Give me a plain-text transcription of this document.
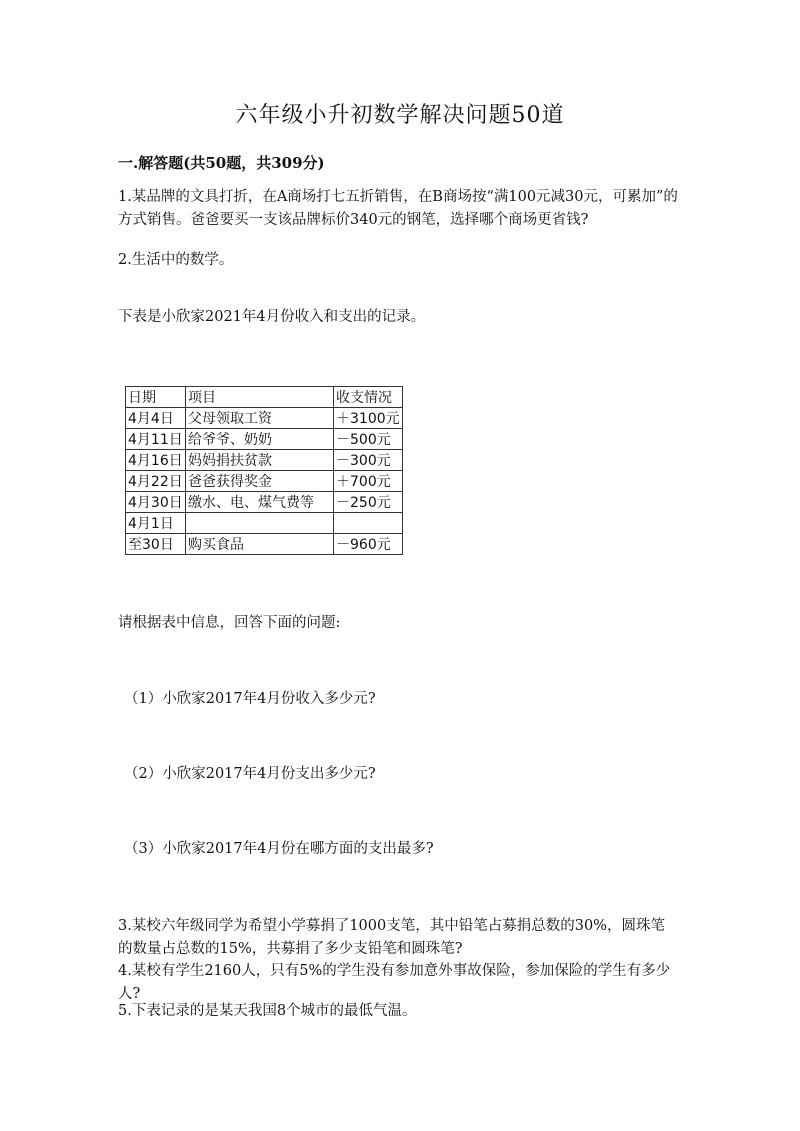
六年级小升初数学解决问题50道
一.解答题(共50题，共309分)
1.某品牌的文具打折，在A商场打七五折销售，在B商场按“满100元减30元，可累加”的方式销售。爸爸要买一支该品牌标价340元的钢笔，选择哪个商场更省钱?
2.生活中的数学。
下表是小欣家2021年4月份收入和支出的记录。
日期	项目	收支情况
4月4日	父母领取工资	＋3100元
4月11日	给爷爷、奶奶	－500元
4月16日	妈妈捐扶贫款	－300元
4月22日	爸爸获得奖金	＋700元
4月30日	缴水、电、煤气费等	－250元
4月1日		
至30日	购买食品	－960元
请根据表中信息，回答下面的问题:
（1）小欣家2017年4月份收入多少元?
（2）小欣家2017年4月份支出多少元?
（3）小欣家2017年4月份在哪方面的支出最多?
3.某校六年级同学为希望小学募捐了1000支笔，其中铅笔占募捐总数的30%，圆珠笔的数量占总数的15%，共募捐了多少支铅笔和圆珠笔?
4.某校有学生2160人，只有5%的学生没有参加意外事故保险，参加保险的学生有多少人?
5.下表记录的是某天我国8个城市的最低气温。
